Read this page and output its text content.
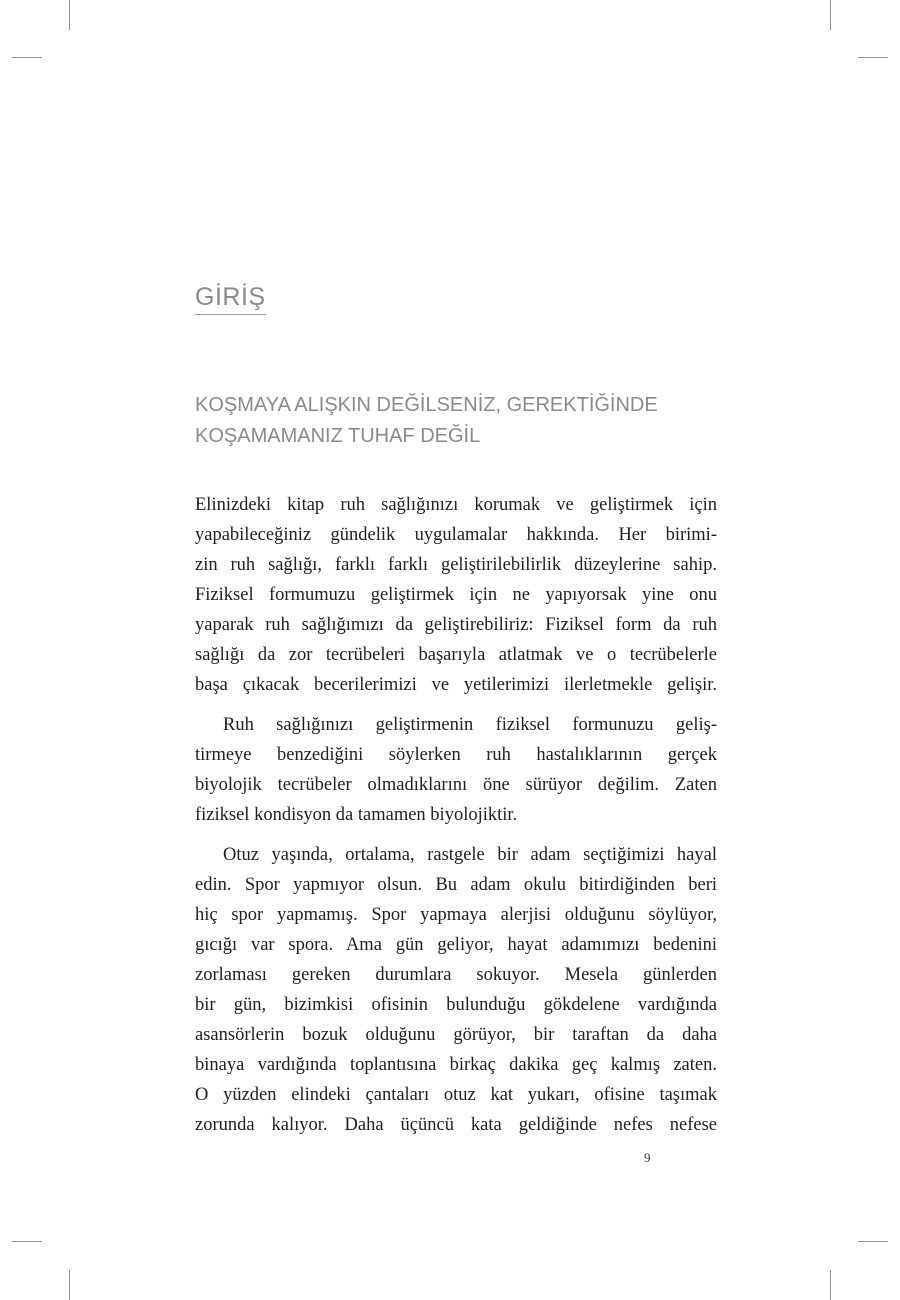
GİRİŞ
KOŞMAYA ALIŞKIN DEĞİLSENİZ, GEREKTİĞİNDE
KOŞAMAMANIZ TUHAF DEĞİL

Elinizdeki kitap ruh sağlığınızı korumak ve geliştirmek için
yapabileceğiniz gündelik uygulamalar hakkında. Her birimi-
zin ruh sağlığı, farklı farklı geliştirilebilirlik düzeylerine sahip.
Fiziksel formumuzu geliştirmek için ne yapıyorsak yine onu
yaparak ruh sağlığımızı da geliştirebiliriz: Fiziksel form da ruh
sağlığı da zor tecrübeleri başarıyla atlatmak ve o tecrübelerle
başa çıkacak becerilerimizi ve yetilerimizi ilerletmekle gelişir.

Ruh sağlığınızı geliştirmenin fiziksel formunuzu geliş-
tirmeye benzediğini söylerken ruh hastalıklarının gerçek
biyolojik tecrübeler olmadıklarını öne sürüyor değilim. Zaten
fiziksel kondisyon da tamamen biyolojiktir.

Otuz yaşında, ortalama, rastgele bir adam seçtiğimizi hayal
edin. Spor yapmıyor olsun. Bu adam okulu bitirdiğinden beri
hiç spor yapmamış. Spor yapmaya alerjisi olduğunu söylüyor,
gıcığı var spora. Ama gün geliyor, hayat adamımızı bedenini
zorlaması gereken durumlara sokuyor. Mesela günlerden
bir gün, bizimkisi ofisinin bulunduğu gökdelene vardığında
asansörlerin bozuk olduğunu görüyor, bir taraftan da daha
binaya vardığında toplantısına birkaç dakika geç kalmış zaten.
O yüzden elindeki çantaları otuz kat yukarı, ofisine taşımak
zorunda kalıyor. Daha üçüncü kata geldiğinde nefes nefese

9
